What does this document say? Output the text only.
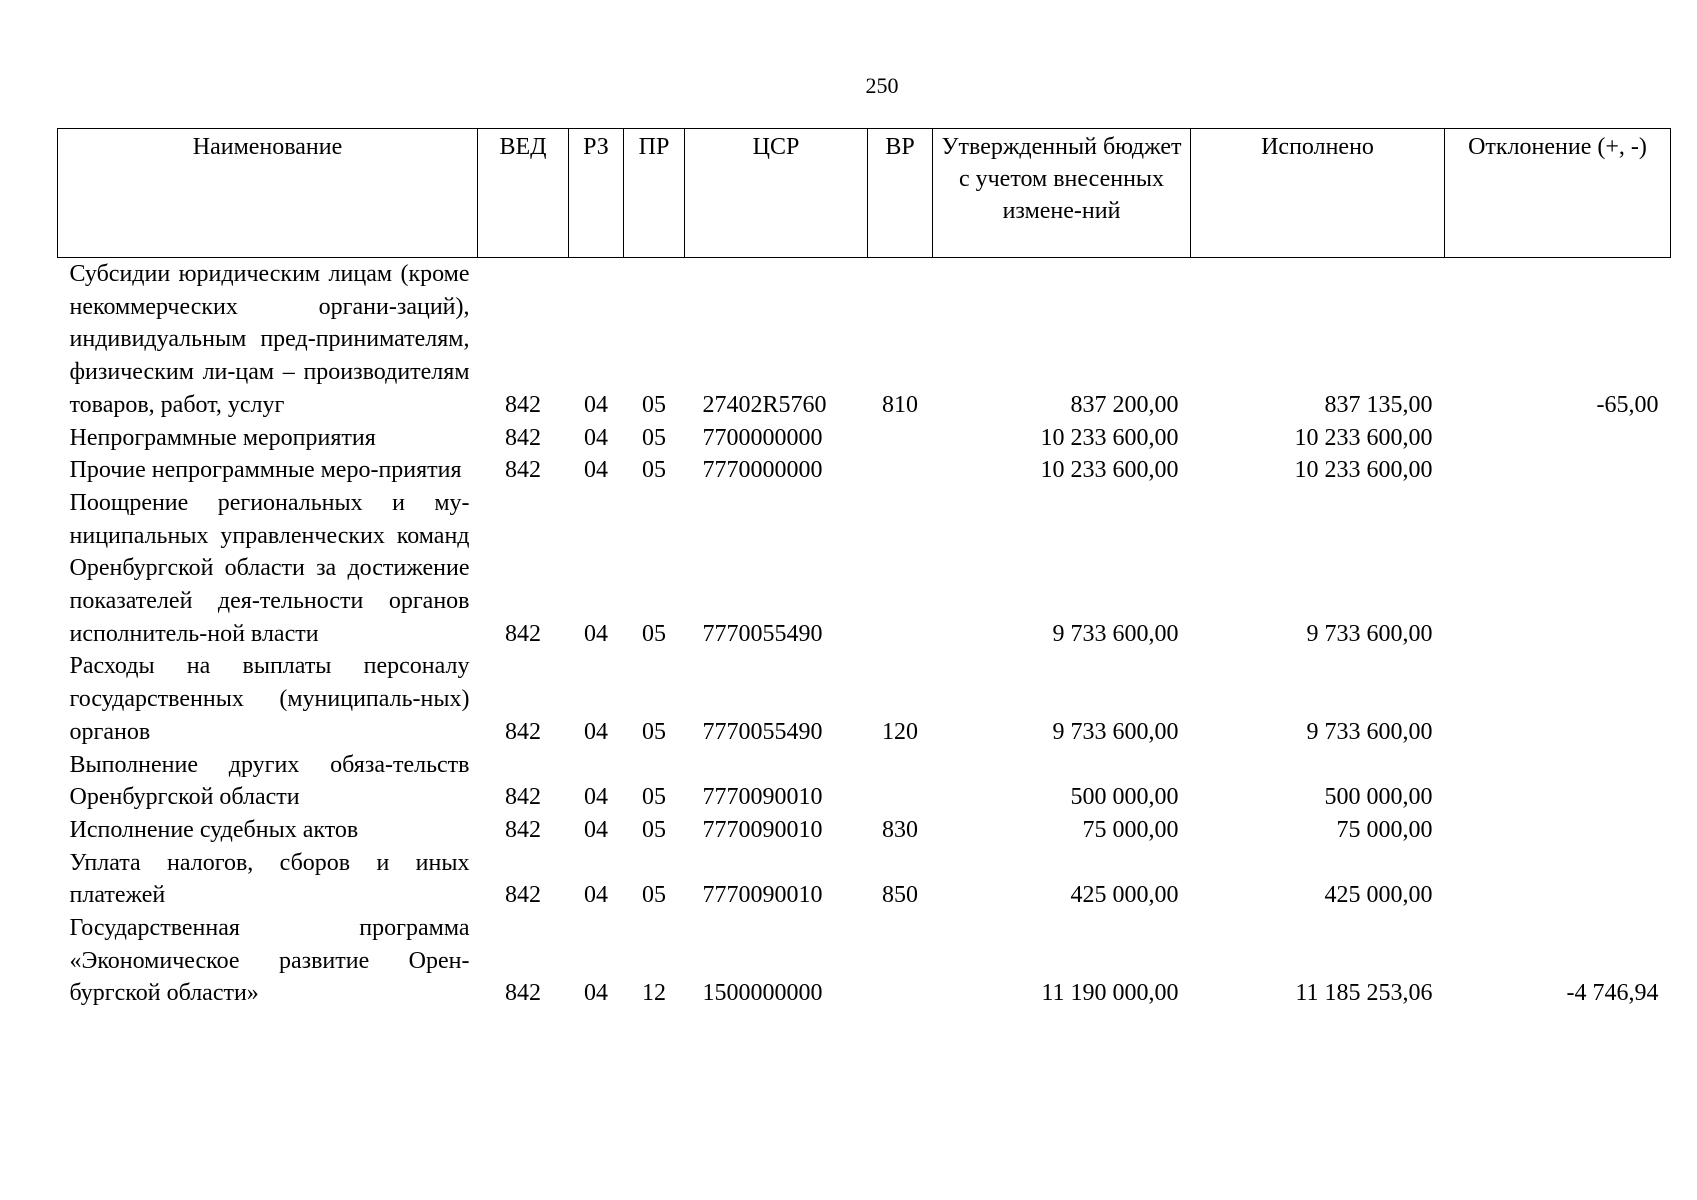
250
Наименование	ВЕД	РЗ	ПР	ЦСР	ВР	Утвержденный бюджет с учетом внесенных измене-ний	Исполнено	Отклонение (+, -)
Субсидии юридическим лицам (кроме некоммерческих органи-заций), индивидуальным пред-принимателям, физическим ли-цам – производителям товаров, работ, услуг	842	04	05	27402R5760	810	837 200,00	837 135,00	-65,00
Непрограммные мероприятия	842	04	05	7700000000		10 233 600,00	10 233 600,00	
Прочие непрограммные меро-приятия	842	04	05	7770000000		10 233 600,00	10 233 600,00	
Поощрение региональных и му-ниципальных управленческих команд Оренбургской области за достижение показателей дея-тельности органов исполнитель-ной власти	842	04	05	7770055490		9 733 600,00	9 733 600,00	
Расходы на выплаты персоналу государственных (муниципаль-ных) органов	842	04	05	7770055490	120	9 733 600,00	9 733 600,00	
Выполнение других обяза-тельств Оренбургской области	842	04	05	7770090010		500 000,00	500 000,00	
Исполнение судебных актов	842	04	05	7770090010	830	75 000,00	75 000,00	
Уплата налогов, сборов и иных платежей	842	04	05	7770090010	850	425 000,00	425 000,00	
Государственная программа «Экономическое развитие Орен-бургской области»	842	04	12	1500000000		11 190 000,00	11 185 253,06	-4 746,94
